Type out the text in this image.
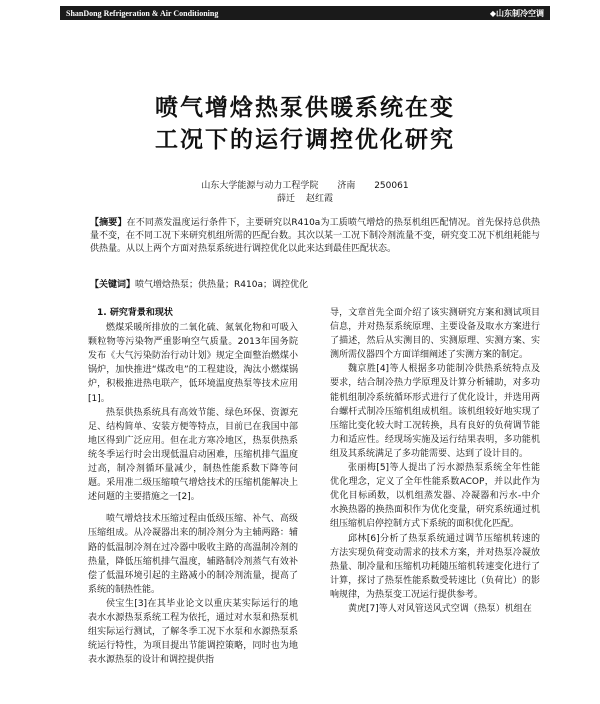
ShanDong Refrigeration & Air Conditioning	◆山东制冷空调
喷气增焓热泵供暖系统在变
工况下的运行调控优化研究
山东大学能源与动力工程学院 济南 250061
薛迁 赵红霞
【摘要】在不同蒸发温度运行条件下，主要研究以R410a为工质喷气增焓的热泵机组匹配情况。首先保持总供热量不变，在不同工况下来研究机组所需的匹配台数。其次以某一工况下制冷剂流量不变，研究变工况下机组耗能与供热量。从以上两个方面对热泵系统进行调控优化以此来达到最佳匹配状态。
【关键词】喷气增焓热泵；供热量；R410a；调控优化
1. 研究背景和现状

燃煤采暖所排放的二氧化硫、氮氧化物和可吸入颗粒物等污染物严重影响空气质量。2013年国务院发布《大气污染防治行动计划》规定全面整治燃煤小锅炉，加快推进“煤改电”的工程建设，淘汰小燃煤锅炉，积极推进热电联产，低环境温度热泵等技术应用[1]。

热泵供热系统具有高效节能、绿色环保、资源充足、结构简单、安装方便等特点，目前已在我国中部地区得到广泛应用。但在北方寒冷地区，热泵供热系统冬季运行时会出现低温启动困难，压缩机排气温度过高，制冷剂循环量减少，制热性能系数下降等问题。采用准二级压缩喷气增焓技术的压缩机能解决上述问题的主要措施之一[2]。

喷气增焓技术压缩过程由低级压缩、补气、高级压缩组成。从冷凝器出来的制冷剂分为主辅两路：辅路的低温制冷剂在过冷器中吸收主路的高温制冷剂的热量，降低压缩机排气温度，辅路制冷剂蒸气有效补偿了低温环境引起的主路减小的制冷剂流量，提高了系统的制热性能。

侯宝生[3]在其毕业论文以重庆某实际运行的地表水水源热泵系统工程为依托，通过对水泵和热泵机组实际运行测试，了解冬季工况下水泵和水源热泵系统运行特性，为项目提出节能调控策略，同时也为地表水源热泵的设计和调控提供指

导，文章首先全面介绍了该实测研究方案和测试项目信息，并对热泵系统原理、主要设备及取水方案进行了描述，然后从实测目的、实测原理、实测方案、实测所需仪器四个方面详细阐述了实测方案的制定。

魏京胜[4]等人根据多功能制冷供热系统特点及要求，结合制冷热力学原理及计算分析辅助，对多功能机组制冷系统循环形式进行了优化设计，并选用两台螺杆式制冷压缩机组成机组。该机组较好地实现了压缩比变化较大时工况转换，具有良好的负荷调节能力和适应性。经现场实施及运行结果表明，多功能机组及其系统满足了多功能需要、达到了设计目的。

张丽梅[5]等人提出了污水源热泵系统全年性能优化理念，定义了全年性能系数ACOP，并以此作为优化目标函数，以机组蒸发器、冷凝器和污水-中介水换热器的换热面积作为优化变量，研究系统通过机组压缩机启停控制方式下系统的面积优化匹配。

邱林[6]分析了热泵系统通过调节压缩机转速的方法实现负荷变动需求的技术方案，并对热泵冷凝放热量、制冷量和压缩机功耗随压缩机转速变化进行了计算，探讨了热泵性能系数受转速比（负荷比）的影响规律，为热泵变工况运行提供参考。

黄虎[7]等人对风管送风式空调（热泵）机组在
